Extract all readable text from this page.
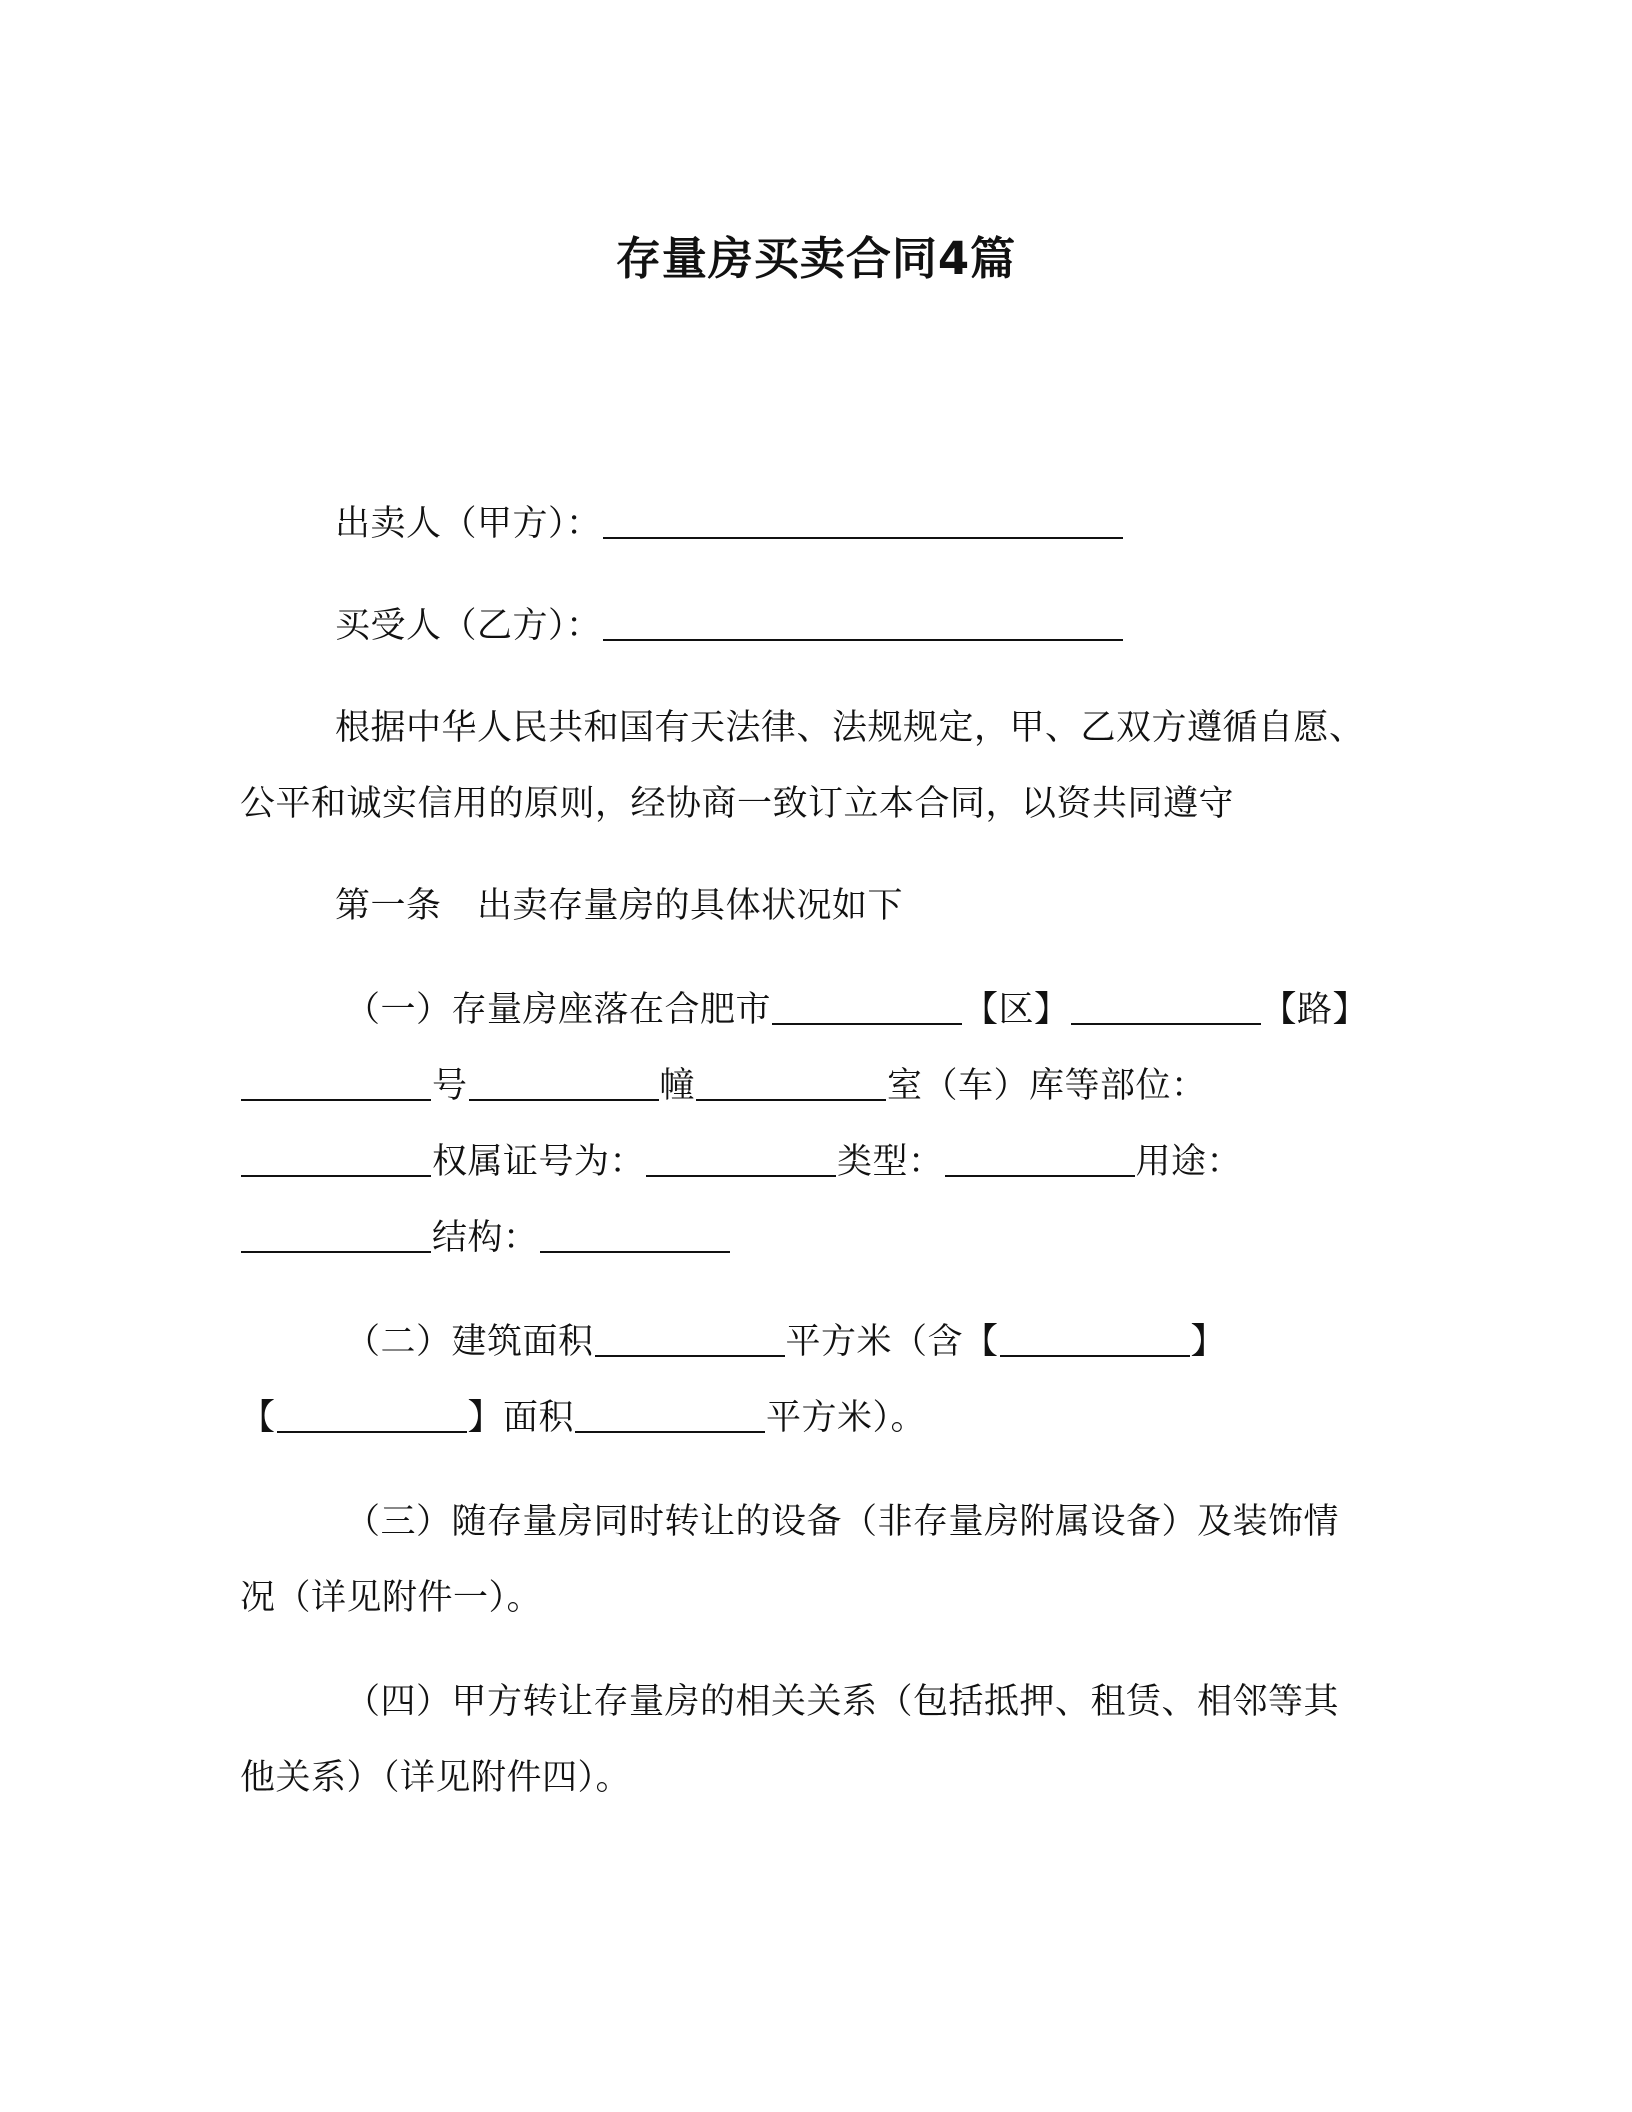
存量房买卖合同4篇
出卖人（甲方）：
买受人（乙方）：
根据中华人民共和国有天法律、法规规定，甲、乙双方遵循自愿、
公平和诚实信用的原则，经协商一致订立本合同，以资共同遵守
第一条　出卖存量房的具体状况如下
（一）存量房座落在合肥市	【区】	【路】
号	幢	室（车）库等部位：
权属证号为：	类型：	用途：
结构：
（二）建筑面积	平方米（含【	】
【	】面积	平方米）。
（三）随存量房同时转让的设备（非存量房附属设备）及装饰情
况（详见附件一）。
（四）甲方转让存量房的相关关系（包括抵押、租赁、相邻等其
他关系）（详见附件四）。
